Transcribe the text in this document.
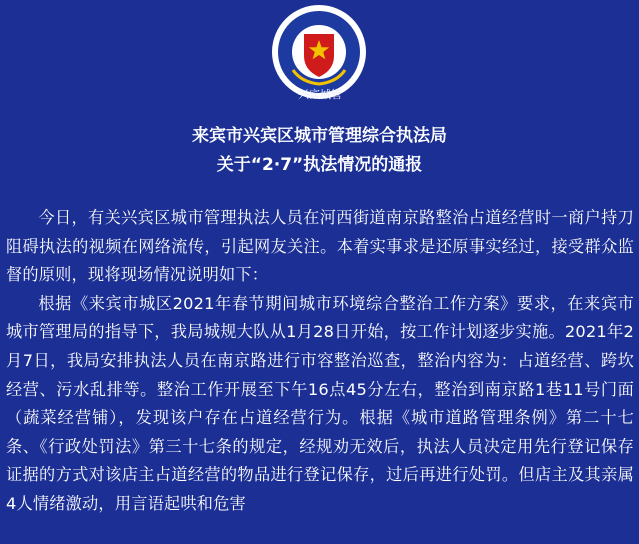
兴宾城管
来宾市兴宾区城市管理综合执法局
关于“2·7”执法情况的通报

今日，有关兴宾区城市管理执法人员在河西街道南京路整治占道经营时一商户持刀阻碍执法的视频在网络流传，引起网友关注。本着实事求是还原事实经过，接受群众监督的原则，现将现场情况说明如下：

根据《来宾市城区2021年春节期间城市环境综合整治工作方案》要求，在来宾市城市管理局的指导下，我局城规大队从1月28日开始，按工作计划逐步实施。2021年2月7日，我局安排执法人员在南京路进行市容整治巡查，整治内容为：占道经营、跨坎经营、污水乱排等。整治工作开展至下午16点45分左右，整治到南京路1巷11号门面（蔬菜经营铺），发现该户存在占道经营行为。根据《城市道路管理条例》第二十七条、《行政处罚法》第三十七条的规定，经规劝无效后，执法人员决定用先行登记保存证据的方式对该店主占道经营的物品进行登记保存，过后再进行处罚。但店主及其亲属4人情绪激动，用言语起哄和危害
